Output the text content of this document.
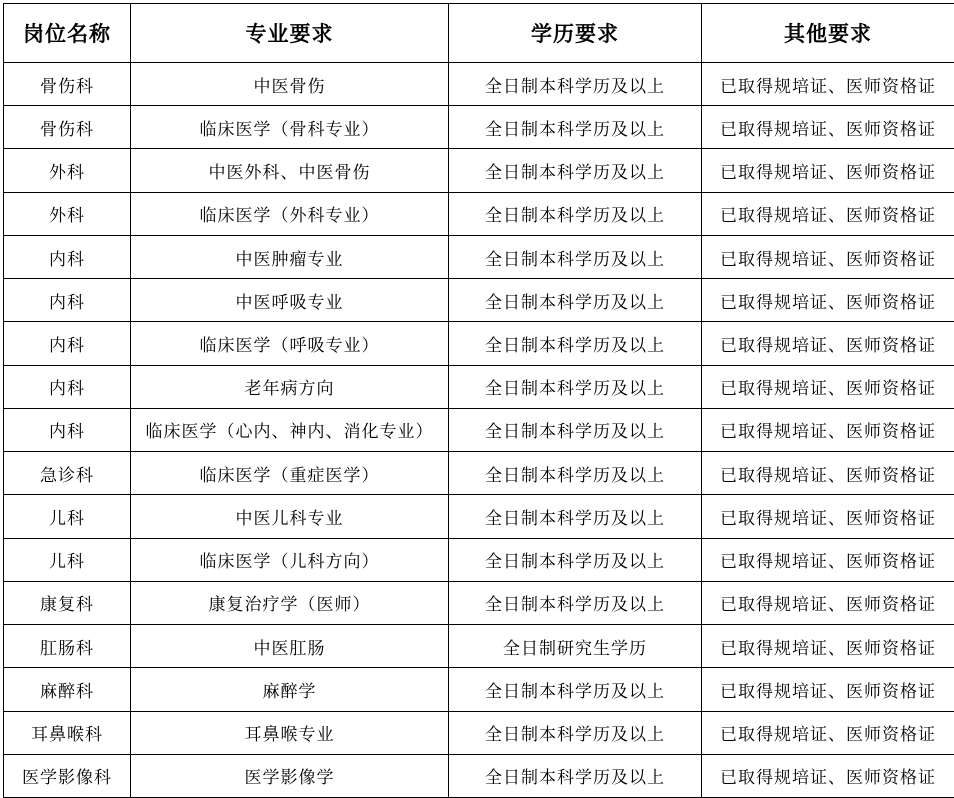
岗位名称	专业要求	学历要求	其他要求
骨伤科	中医骨伤	全日制本科学历及以上	已取得规培证、医师资格证
骨伤科	临床医学（骨科专业）	全日制本科学历及以上	已取得规培证、医师资格证
外科	中医外科、中医骨伤	全日制本科学历及以上	已取得规培证、医师资格证
外科	临床医学（外科专业）	全日制本科学历及以上	已取得规培证、医师资格证
内科	中医肿瘤专业	全日制本科学历及以上	已取得规培证、医师资格证
内科	中医呼吸专业	全日制本科学历及以上	已取得规培证、医师资格证
内科	临床医学（呼吸专业）	全日制本科学历及以上	已取得规培证、医师资格证
内科	老年病方向	全日制本科学历及以上	已取得规培证、医师资格证
内科	临床医学（心内、神内、消化专业）	全日制本科学历及以上	已取得规培证、医师资格证
急诊科	临床医学（重症医学）	全日制本科学历及以上	已取得规培证、医师资格证
儿科	中医儿科专业	全日制本科学历及以上	已取得规培证、医师资格证
儿科	临床医学（儿科方向）	全日制本科学历及以上	已取得规培证、医师资格证
康复科	康复治疗学（医师）	全日制本科学历及以上	已取得规培证、医师资格证
肛肠科	中医肛肠	全日制研究生学历	已取得规培证、医师资格证
麻醉科	麻醉学	全日制本科学历及以上	已取得规培证、医师资格证
耳鼻喉科	耳鼻喉专业	全日制本科学历及以上	已取得规培证、医师资格证
医学影像科	医学影像学	全日制本科学历及以上	已取得规培证、医师资格证
